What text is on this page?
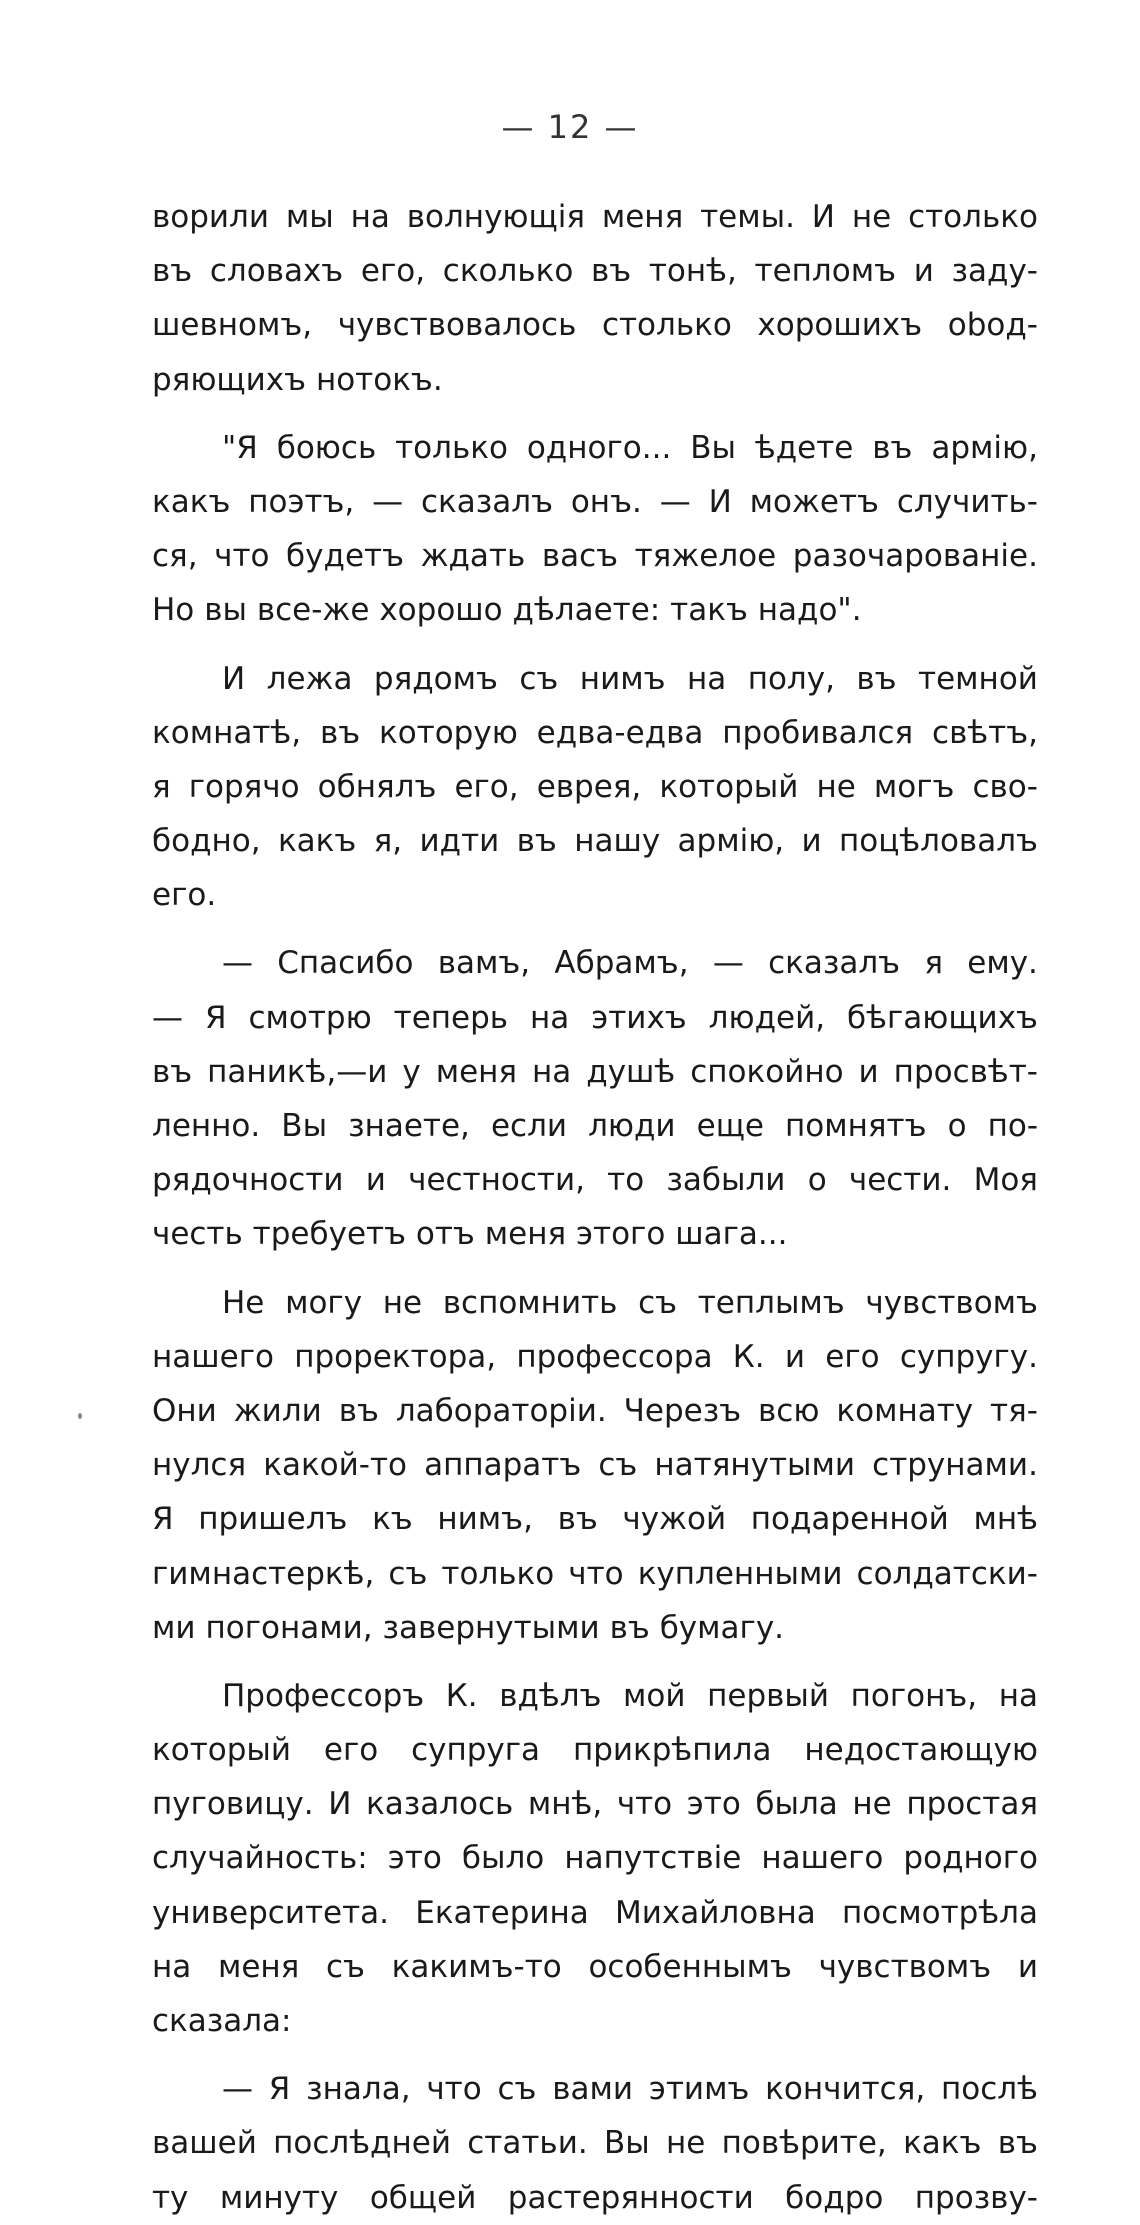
— 12 —
ворили мы на волнующія меня темы. И не столько
въ словахъ его, сколько въ тонѣ, тепломъ и заду-
шевномъ, чувствовалось столько хорошихъ obод-
ряющихъ нотокъ.
"Я боюсь только одного... Вы ѣдете въ армію,
какъ поэтъ, — сказалъ онъ. — И можетъ случить-
ся, что будетъ ждать васъ тяжелое разочарованіе.
Но вы все-же хорошо дѣлаете: такъ надо".
И лежа рядомъ съ нимъ на полу, въ темной
комнатѣ, въ которую едва-едва пробивался свѣтъ,
я горячо обнялъ его, еврея, который не могъ сво-
бодно, какъ я, идти въ нашу армію, и поцѣловалъ
его.
— Спасибо вамъ, Абрамъ, — сказалъ я ему.
— Я смотрю теперь на этихъ людей, бѣгающихъ
въ паникѣ,—и у меня на душѣ спокойно и просвѣт-
ленно. Вы знаете, если люди еще помнятъ о по-
рядочности и честности, то забыли о чести. Моя
честь требуетъ отъ меня этого шага...
Не могу не вспомнить съ теплымъ чувствомъ
нашего проректора, профессора К. и его супругу.
Они жили въ лабораторіи. Черезъ всю комнату тя-
нулся какой-то аппаратъ съ натянутыми струнами.
Я пришелъ къ нимъ, въ чужой подаренной мнѣ
гимнастеркѣ, съ только что купленными солдатски-
ми погонами, завернутыми въ бумагу.
Профессоръ К. вдѣлъ мой первый погонъ, на
который его супруга прикрѣпила недостающую
пуговицу. И казалось мнѣ, что это была не простая
случайность: это было напутствіе нашего родного
университета. Екатерина Михайловна посмотрѣла
на меня съ какимъ-то особеннымъ чувствомъ и
сказала:
— Я знала, что съ вами этимъ кончится, послѣ
вашей послѣдней статьи. Вы не повѣрите, какъ въ
ту минуту общей растерянности бодро прозву-
